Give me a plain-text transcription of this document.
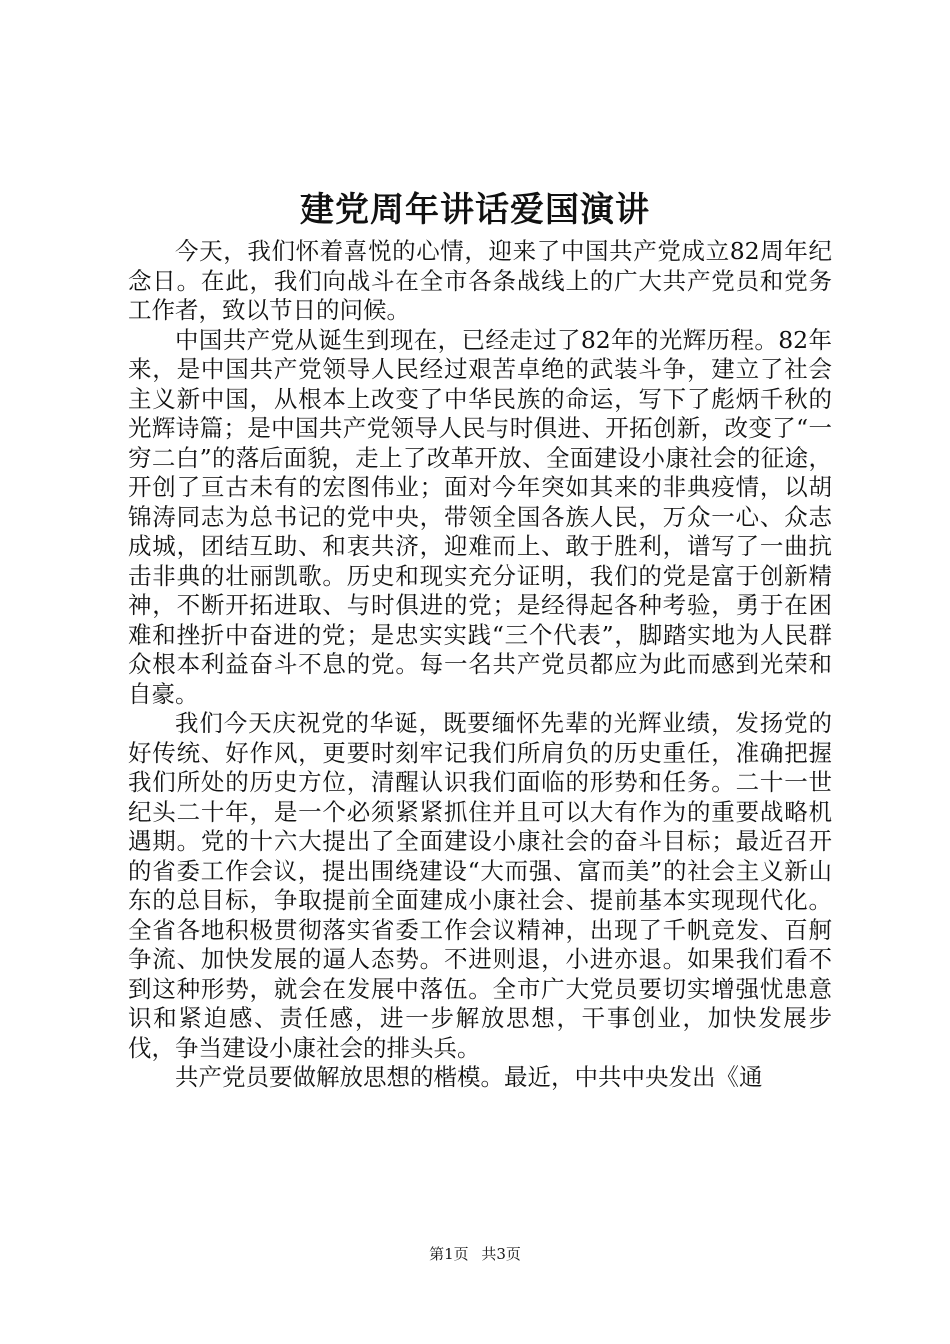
建党周年讲话爱国演讲

今天，我们怀着喜悦的心情，迎来了中国共产党成立82周年纪念日。在此，我们向战斗在全市各条战线上的广大共产党员和党务工作者，致以节日的问候。

中国共产党从诞生到现在，已经走过了82年的光辉历程。82年来，是中国共产党领导人民经过艰苦卓绝的武装斗争，建立了社会主义新中国，从根本上改变了中华民族的命运，写下了彪炳千秋的光辉诗篇；是中国共产党领导人民与时俱进、开拓创新，改变了“一穷二白”的落后面貌，走上了改革开放、全面建设小康社会的征途，开创了亘古未有的宏图伟业；面对今年突如其来的非典疫情，以胡锦涛同志为总书记的党中央，带领全国各族人民，万众一心、众志成城，团结互助、和衷共济，迎难而上、敢于胜利，谱写了一曲抗击非典的壮丽凯歌。历史和现实充分证明，我们的党是富于创新精神，不断开拓进取、与时俱进的党；是经得起各种考验，勇于在困难和挫折中奋进的党；是忠实实践“三个代表”，脚踏实地为人民群众根本利益奋斗不息的党。每一名共产党员都应为此而感到光荣和自豪。

我们今天庆祝党的华诞，既要缅怀先辈的光辉业绩，发扬党的好传统、好作风，更要时刻牢记我们所肩负的历史重任，准确把握我们所处的历史方位，清醒认识我们面临的形势和任务。二十一世纪头二十年，是一个必须紧紧抓住并且可以大有作为的重要战略机遇期。党的十六大提出了全面建设小康社会的奋斗目标；最近召开的省委工作会议，提出围绕建设“大而强、富而美”的社会主义新山东的总目标，争取提前全面建成小康社会、提前基本实现现代化。全省各地积极贯彻落实省委工作会议精神，出现了千帆竞发、百舸争流、加快发展的逼人态势。不进则退，小进亦退。如果我们看不到这种形势，就会在发展中落伍。全市广大党员要切实增强忧患意识和紧迫感、责任感，进一步解放思想，干事创业，加快发展步伐，争当建设小康社会的排头兵。

共产党员要做解放思想的楷模。最近，中共中央发出《通

第1页 共3页
